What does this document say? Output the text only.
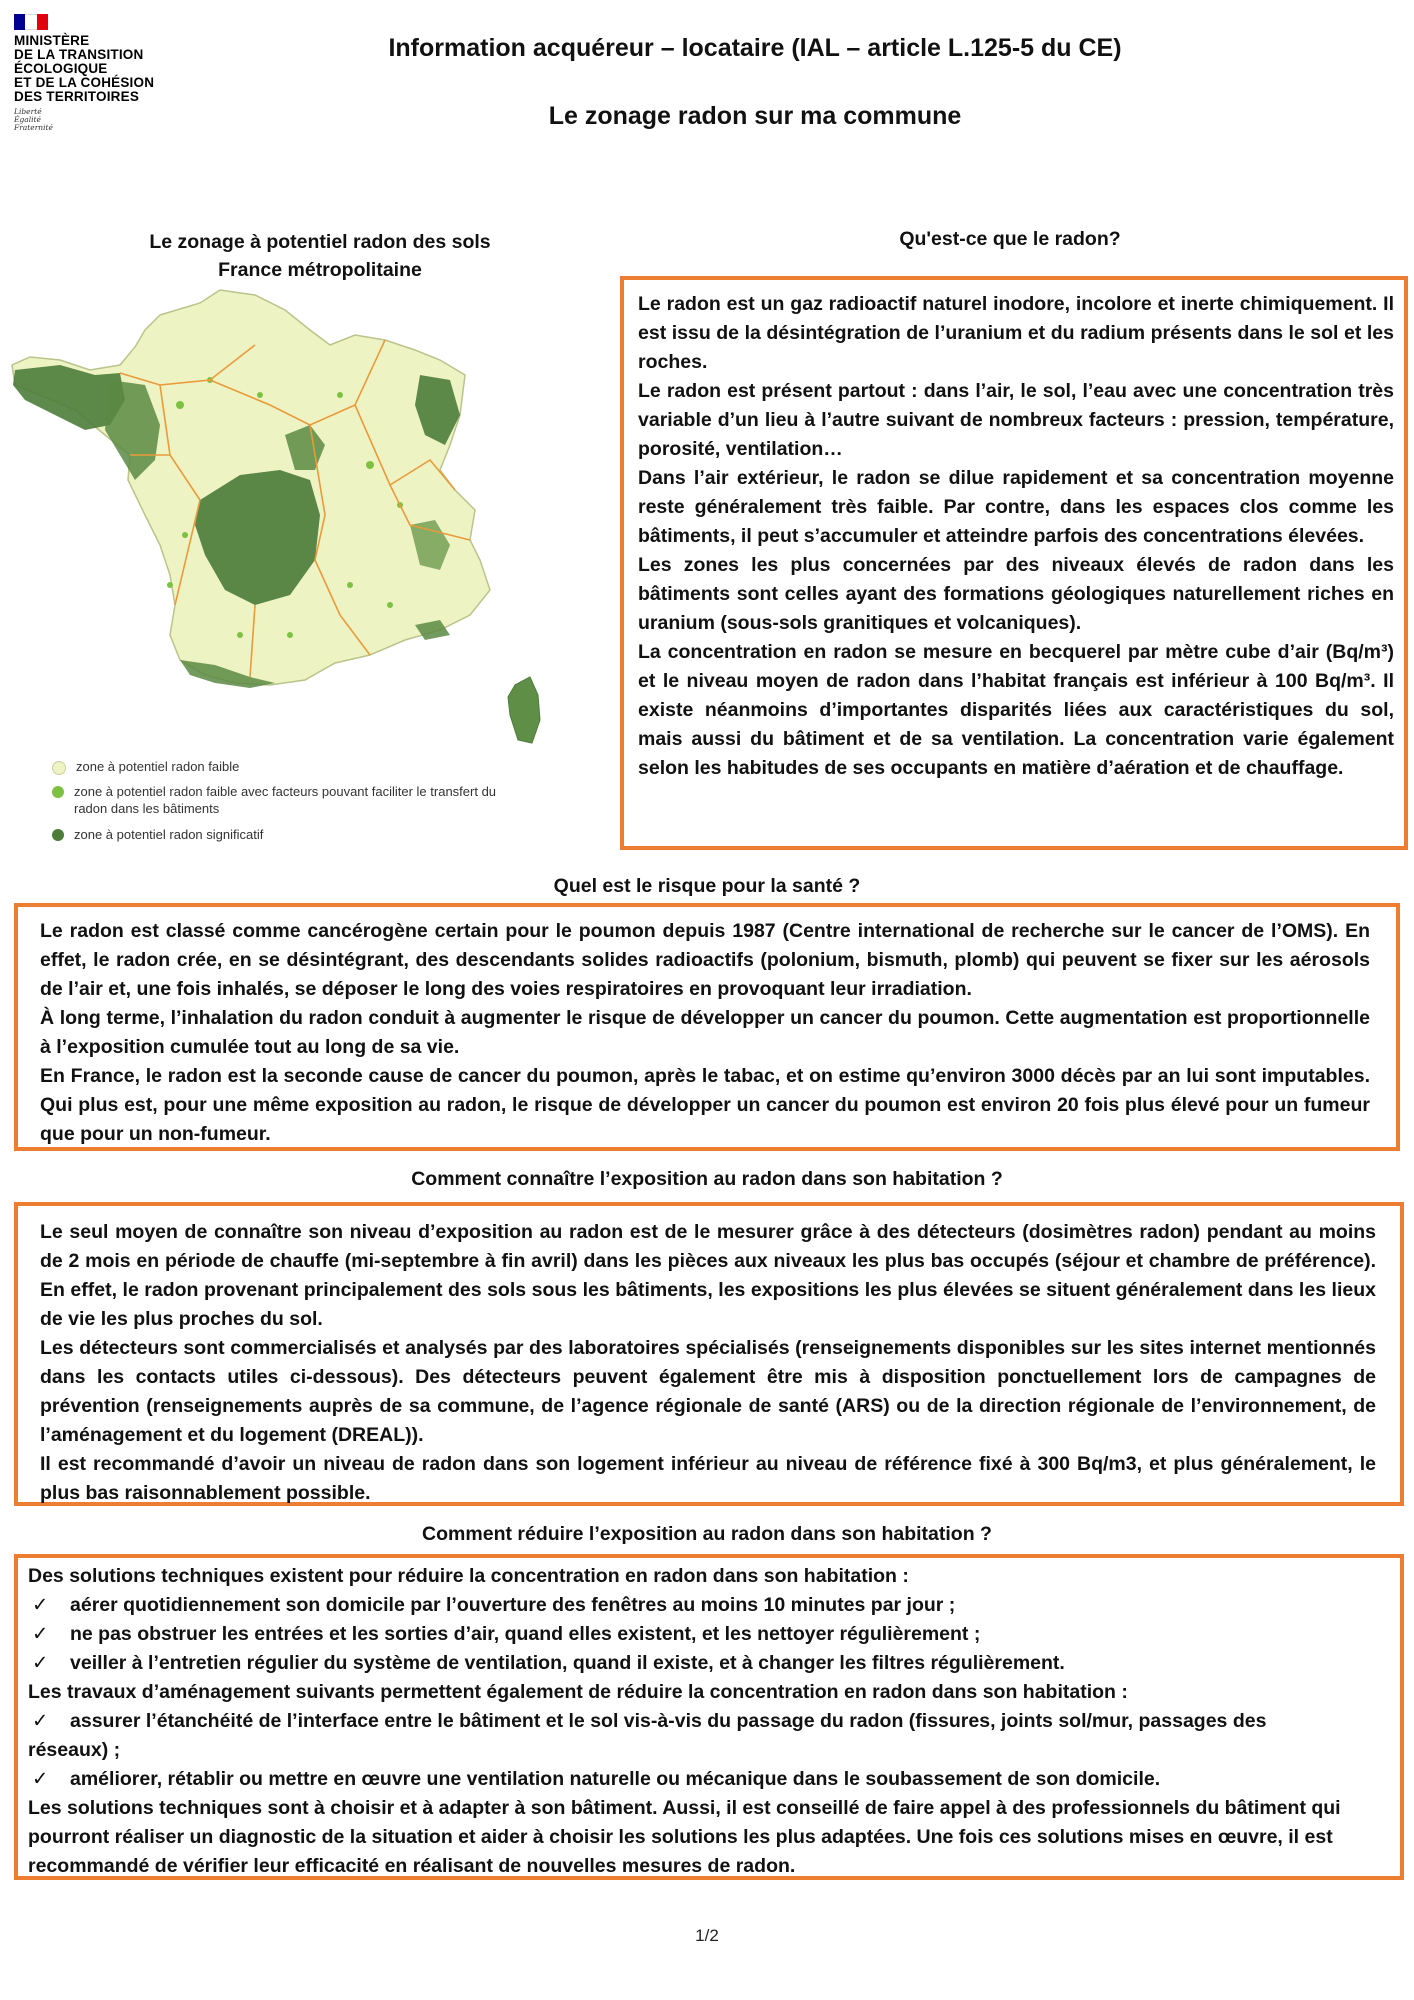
MINISTÈRE
DE LA TRANSITION
ÉCOLOGIQUE
ET DE LA COHÉSION
DES TERRITOIRES
Liberté
Égalité
Fraternité
Information acquéreur – locataire (IAL – article L.125-5 du CE)
Le zonage radon sur ma commune
Le zonage à potentiel radon des sols
France métropolitaine
zone à potentiel radon faible
zone à potentiel radon faible avec facteurs pouvant faciliter le transfert du radon dans les bâtiments
zone à potentiel radon significatif
Qu'est-ce que le radon?

Le radon est un gaz radioactif naturel inodore, incolore et inerte chimiquement. Il est issu de la désintégration de l’uranium et du radium présents dans le sol et les roches.

Le radon est présent partout : dans l’air, le sol, l’eau avec une concentration très variable d’un lieu à l’autre suivant de nombreux facteurs : pression, température, porosité, ventilation…

Dans l’air extérieur, le radon se dilue rapidement et sa concentration moyenne reste généralement très faible. Par contre, dans les espaces clos comme les bâtiments, il peut s’accumuler et atteindre parfois des concentrations élevées.

Les zones les plus concernées par des niveaux élevés de radon dans les bâtiments sont celles ayant des formations géologiques naturellement riches en uranium (sous-sols granitiques et volcaniques).

La concentration en radon se mesure en becquerel par mètre cube d’air (Bq/m³) et le niveau moyen de radon dans l’habitat français est inférieur à 100 Bq/m³. Il existe néanmoins d’importantes disparités liées aux caractéristiques du sol, mais aussi du bâtiment et de sa ventilation. La concentration varie également selon les habitudes de ses occupants en matière d’aération et de chauffage.

Quel est le risque pour la santé ?

Le radon est classé comme cancérogène certain pour le poumon depuis 1987 (Centre international de recherche sur le cancer de l’OMS). En effet, le radon crée, en se désintégrant, des descendants solides radioactifs (polonium, bismuth, plomb) qui peuvent se fixer sur les aérosols de l’air et, une fois inhalés, se déposer le long des voies respiratoires en provoquant leur irradiation.

À long terme, l’inhalation du radon conduit à augmenter le risque de développer un cancer du poumon. Cette augmentation est proportionnelle à l’exposition cumulée tout au long de sa vie.

En France, le radon est la seconde cause de cancer du poumon, après le tabac, et on estime qu’environ 3000 décès par an lui sont imputables. Qui plus est, pour une même exposition au radon, le risque de développer un cancer du poumon est environ 20 fois plus élevé pour un fumeur que pour un non-fumeur.

Comment connaître l’exposition au radon dans son habitation ?

Le seul moyen de connaître son niveau d’exposition au radon est de le mesurer grâce à des détecteurs (dosimètres radon) pendant au moins de 2 mois en période de chauffe (mi-septembre à fin avril) dans les pièces aux niveaux les plus bas occupés (séjour et chambre de préférence). En effet, le radon provenant principalement des sols sous les bâtiments, les expositions les plus élevées se situent généralement dans les lieux de vie les plus proches du sol.

Les détecteurs sont commercialisés et analysés par des laboratoires spécialisés (renseignements disponibles sur les sites internet mentionnés dans les contacts utiles ci-dessous). Des détecteurs peuvent également être mis à disposition ponctuellement lors de campagnes de prévention (renseignements auprès de sa commune, de l’agence régionale de santé (ARS) ou de la direction régionale de l’environnement, de l’aménagement et du logement (DREAL)).

Il est recommandé d’avoir un niveau de radon dans son logement inférieur au niveau de référence fixé à 300 Bq/m3, et plus généralement, le plus bas raisonnablement possible.

Comment réduire l’exposition au radon dans son habitation ?

Des solutions techniques existent pour réduire la concentration en radon dans son habitation :

✓	aérer quotidiennement son domicile par l’ouverture des fenêtres au moins 10 minutes par jour ;
✓	ne pas obstruer les entrées et les sorties d’air, quand elles existent, et les nettoyer régulièrement ;
✓	veiller à l’entretien régulier du système de ventilation, quand il existe, et à changer les filtres régulièrement.

Les travaux d’aménagement suivants permettent également de réduire la concentration en radon dans son habitation :

✓	assurer l’étanchéité de l’interface entre le bâtiment et le sol vis-à-vis du passage du radon (fissures, joints sol/mur, passages des

réseaux) ;

✓	améliorer, rétablir ou mettre en œuvre une ventilation naturelle ou mécanique dans le soubassement de son domicile.

Les solutions techniques sont à choisir et à adapter à son bâtiment. Aussi, il est conseillé de faire appel à des professionnels du bâtiment qui pourront réaliser un diagnostic de la situation et aider à choisir les solutions les plus adaptées. Une fois ces solutions mises en œuvre, il est recommandé de vérifier leur efficacité en réalisant de nouvelles mesures de radon.

1/2
